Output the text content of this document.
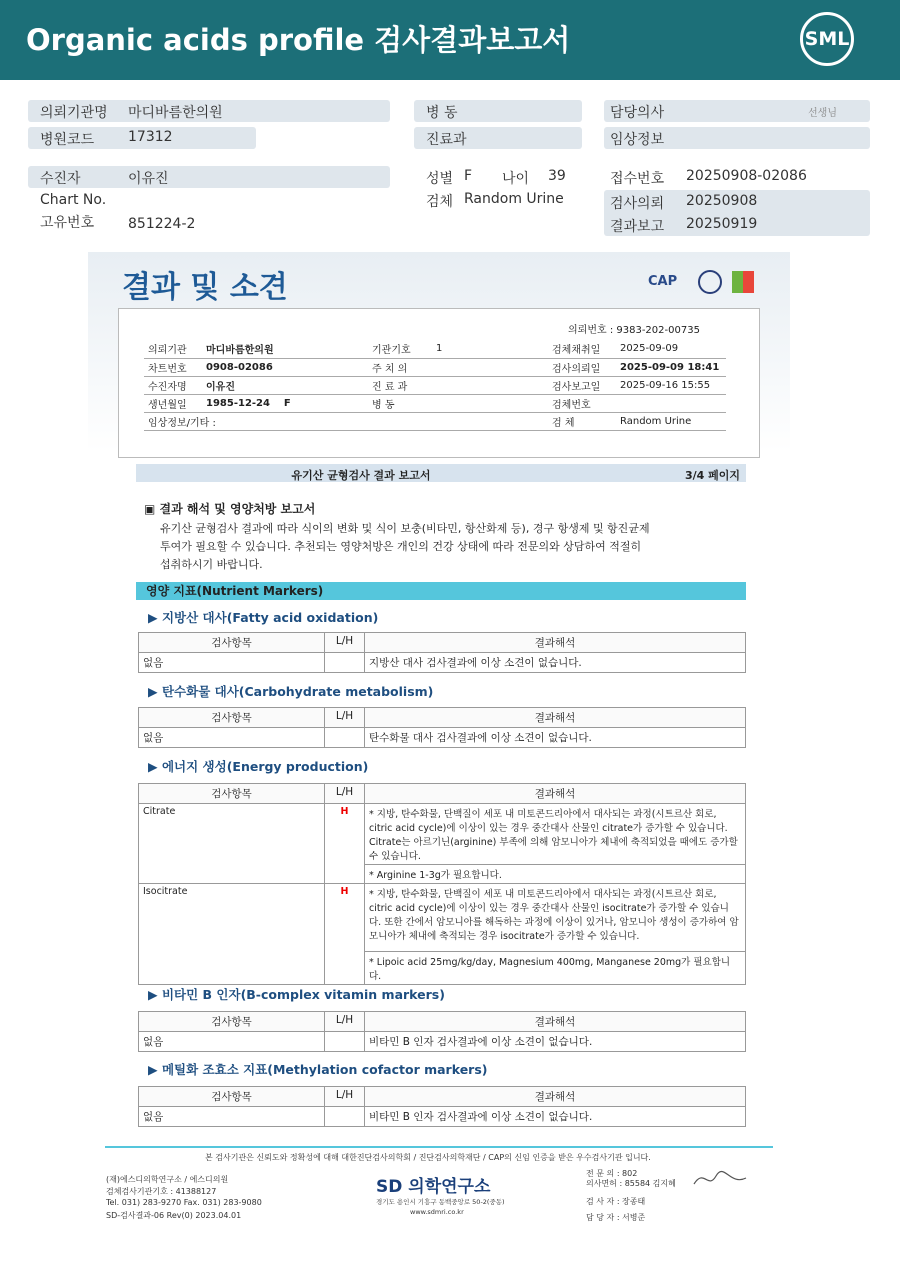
Organic acids profile 검사결과보고서	SML
의뢰기관명 마디바름한의원
병원코드 17312
병 동
진료과
담당의사	선생님
임상정보
수진자	이유진
Chart No.
고유번호 851224-2
성별 F 나이 39
검체 Random Urine
접수번호 20250908-02086
검사의뢰 20250908
결과보고 20250919
결과 및 소견	CAP
의뢰번호 : 9383-202-00735
의뢰기관	마디바름한의원	기관기호	1	검체채취일	2025-09-09
차트번호	0908-02086	주 치 의		검사의뢰일	2025-09-09 18:41
수진자명	이유진	진 료 과		검사보고일	2025-09-16 15:55
생년월일	1985-12-24    F	병 동		검체번호	
임상정보/기타 :				검 체	Random Urine
유기산 균형검사 결과 보고서	3/4 페이지
▣ 결과 해석 및 영양처방 보고서
유기산 균형검사 결과에 따라 식이의 변화 및 식이 보충(비타민, 항산화제 등), 경구 항생제 및 항진균제
투여가 필요할 수 있습니다. 추천되는 영양처방은 개인의 건강 상태에 따라 전문의와 상담하여 적절히
섭취하시기 바랍니다.
영양 지표(Nutrient Markers)
▶ 지방산 대사(Fatty acid oxidation)
검사항목	L/H	결과해석
없음		지방산 대사 검사결과에 이상 소견이 없습니다.
▶ 탄수화물 대사(Carbohydrate metabolism)
검사항목	L/H	결과해석
없음		탄수화물 대사 검사결과에 이상 소견이 없습니다.
▶ 에너지 생성(Energy production)
검사항목	L/H	결과해석
Citrate	H	* 지방, 탄수화물, 단백질이 세포 내 미토콘드리아에서 대사되는 과정(시트르산 회로, citric acid cycle)에 이상이 있는 경우 중간대사 산물인 citrate가 증가할 수 있습니다. Citrate는 아르기닌(arginine) 부족에 의해 암모니아가 체내에 축적되었을 때에도 증가할 수 있습니다.
		* Arginine 1-3g가 필요합니다.
Isocitrate	H	* 지방, 탄수화물, 단백질이 세포 내 미토콘드리아에서 대사되는 과정(시트르산 회로, citric acid cycle)에 이상이 있는 경우 중간대사 산물인 isocitrate가 증가할 수 있습니다. 또한 간에서 암모니아를 해독하는 과정에 이상이 있거나, 암모니아 생성이 증가하여 암모니아가 체내에 축적되는 경우 isocitrate가 증가할 수 있습니다.
		* Lipoic acid 25mg/kg/day, Magnesium 400mg, Manganese 20mg가 필요합니다.
▶ 비타민 B 인자(B-complex vitamin markers)
검사항목	L/H	결과해석
없음		비타민 B 인자 검사결과에 이상 소견이 없습니다.
▶ 메틸화 조효소 지표(Methylation cofactor markers)
검사항목	L/H	결과해석
없음		비타민 B 인자 검사결과에 이상 소견이 없습니다.
본 검사기관은 신뢰도와 정확성에 대해 대한진단검사의학회 / 진단검사의학재단 / CAP의 신임 인증을 받은 우수검사기관 입니다.
(재)에스디의학연구소 / 에스디의원
검체검사기관기호 : 41388127
Tel. 031) 283-9270 Fax. 031) 283-9080
SD-검사결과-06 Rev(0) 2023.04.01
SD 의학연구소
경기도 용인시 기흥구 동백중앙로 50-2(중동)
www.sdmri.co.kr
전 문 의 : 802
의사면허 : 85584 김지혜
검 사 자 : 장종태
담 당 자 : 서병준
